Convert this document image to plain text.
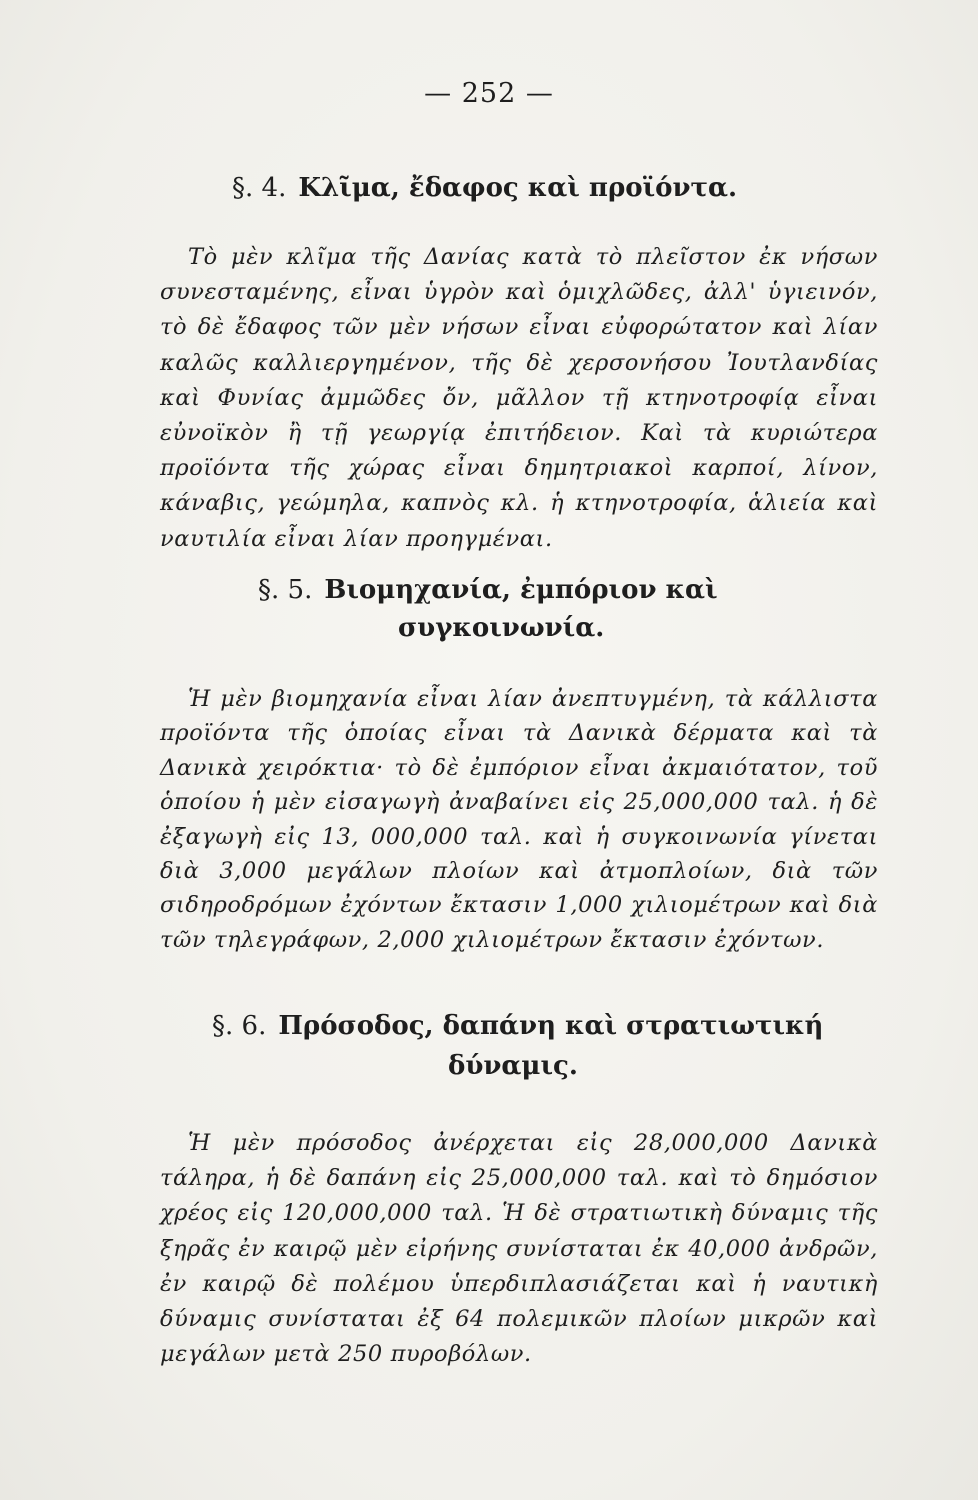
— 252 —
§. 4. Κλῖμα, ἔδαφος καὶ προϊόντα.
Τὸ μὲν κλῖμα τῆς Δανίας κατὰ τὸ πλεῖστον ἐκ νήσων συνεσταμένης, εἶναι ὑγρὸν καὶ ὁμιχλῶδες, ἀλλ' ὑγιεινόν, τὸ δὲ ἔδαφος τῶν μὲν νήσων εἶναι εὐφορώτατον καὶ λίαν καλῶς καλλιεργημένον, τῆς δὲ χερσονήσου Ἰουτλανδίας καὶ Φυνίας ἀμμῶδες ὄν, μᾶλλον τῇ κτηνοτροφίᾳ εἶναι εὐνοϊκὸν ἢ τῇ γεωργίᾳ ἐπιτήδειον. Καὶ τὰ κυριώτερα προϊόντα τῆς χώρας εἶναι δημητριακοὶ καρποί, λίνον, κάναβις, γεώμηλα, καπνὸς κλ. ἡ κτηνοτροφία, ἁλιεία καὶ ναυτιλία εἶναι λίαν προηγμέναι.
§. 5. Βιομηχανία, ἐμπόριον καὶ
συγκοινωνία.
Ἡ μὲν βιομηχανία εἶναι λίαν ἀνεπτυγμένη, τὰ κάλλιστα προϊόντα τῆς ὁποίας εἶναι τὰ Δανικὰ δέρματα καὶ τὰ Δανικὰ χειρόκτια· τὸ δὲ ἐμπόριον εἶναι ἀκμαιότατον, τοῦ ὁποίου ἡ μὲν εἰσαγωγὴ ἀναβαίνει εἰς 25,000,000 ταλ. ἡ δὲ ἐξαγωγὴ εἰς 13, 000,000 ταλ. καὶ ἡ συγκοινωνία γίνεται διὰ 3,000 μεγάλων πλοίων καὶ ἀτμοπλοίων, διὰ τῶν σιδηροδρόμων ἐχόντων ἔκτασιν 1,000 χιλιομέτρων καὶ διὰ τῶν τηλεγράφων, 2,000 χιλιομέτρων ἔκτασιν ἐχόντων.
§. 6. Πρόσοδος, δαπάνη καὶ στρατιωτική
δύναμις.
Ἡ μὲν πρόσοδος ἀνέρχεται εἰς 28,000,000 Δανικὰ τάληρα, ἡ δὲ δαπάνη εἰς 25,000,000 ταλ. καὶ τὸ δημόσιον χρέος εἰς 120,000,000 ταλ. Ἡ δὲ στρατιωτικὴ δύναμις τῆς ξηρᾶς ἐν καιρῷ μὲν εἰρήνης συνίσταται ἐκ 40,000 ἀνδρῶν, ἐν καιρῷ δὲ πολέμου ὑπερδιπλασιάζεται καὶ ἡ ναυτικὴ δύναμις συνίσταται ἐξ 64 πολεμικῶν πλοίων μικρῶν καὶ μεγάλων μετὰ 250 πυροβόλων.
